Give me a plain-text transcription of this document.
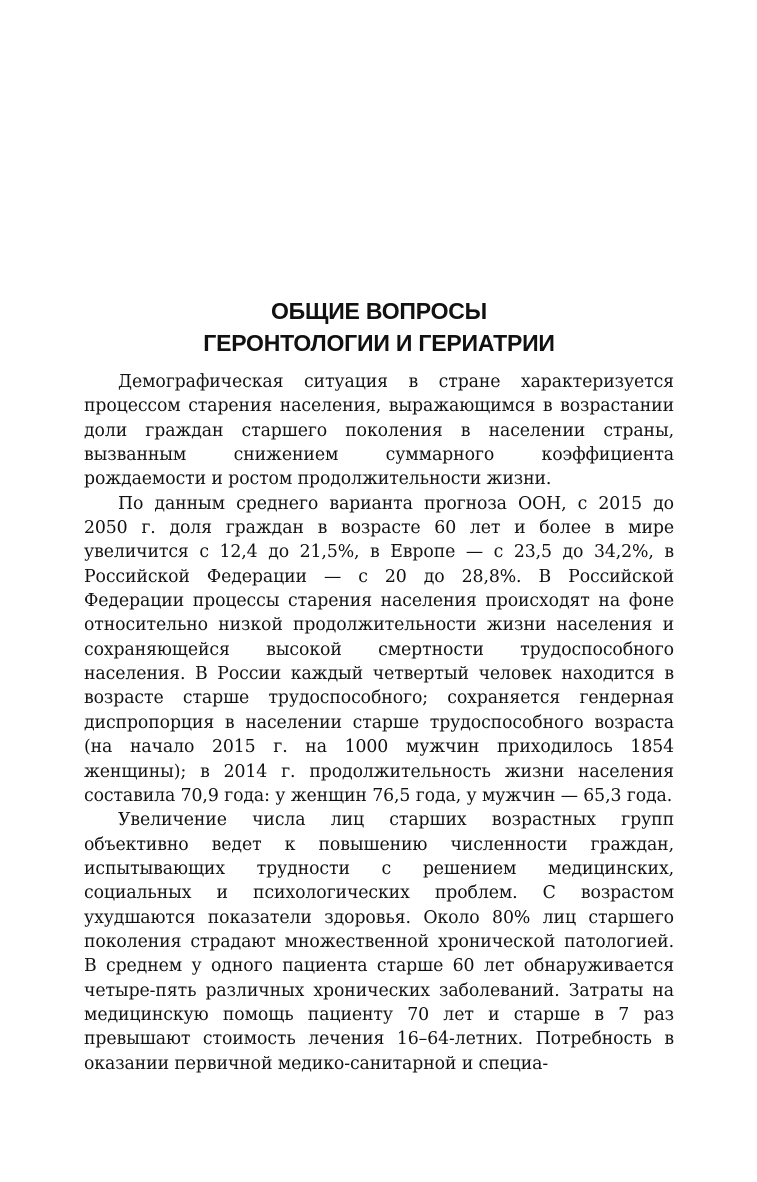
ОБЩИЕ ВОПРОСЫ
ГЕРОНТОЛОГИИ И ГЕРИАТРИИ

Демографическая ситуация в стране характеризуется процессом старения населения, выражающимся в возрастании доли граждан старшего поколения в населении страны, вызванным снижением суммарного коэффициента рождаемости и ростом продолжительности жизни.

По данным среднего варианта прогноза ООН, с 2015 до 2050 г. доля граждан в возрасте 60 лет и более в мире увеличится с 12,4 до 21,5%, в Европе — с 23,5 до 34,2%, в Российской Федерации — с 20 до 28,8%. В Российской Федерации процессы старения населения происходят на фоне относительно низкой продолжительности жизни населения и сохраняющейся высокой смертности трудоспособного населения. В России каждый четвертый человек находится в возрасте старше трудоспособного; сохраняется гендерная диспропорция в населении старше трудоспособного возраста (на начало 2015 г. на 1000 мужчин приходилось 1854 женщины); в 2014 г. продолжительность жизни населения составила 70,9 года: у женщин 76,5 года, у мужчин — 65,3 года.

Увеличение числа лиц старших возрастных групп объективно ведет к повышению численности граждан, испытывающих трудности с решением медицинских, социальных и психологических проблем. С возрастом ухудшаются показатели здоровья. Около 80% лиц старшего поколения страдают множественной хронической патологией. В среднем у одного пациента старше 60 лет обнаруживается четыре-пять различных хронических заболеваний. Затраты на медицинскую помощь пациенту 70 лет и старше в 7 раз превышают стоимость лечения 16–64-летних. Потребность в оказании первичной медико-санитарной и специа-
